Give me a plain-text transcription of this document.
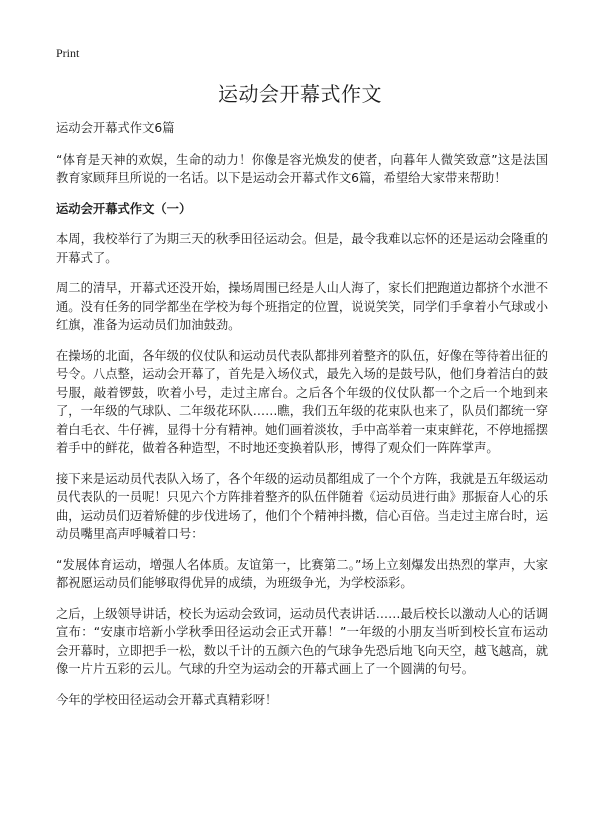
Print
运动会开幕式作文

运动会开幕式作文6篇

“体育是天神的欢娱，生命的动力！你像是容光焕发的使者，向暮年人微笑致意”这是法国教育家顾拜旦所说的一名话。以下是运动会开幕式作文6篇，希望给大家带来帮助！

运动会开幕式作文（一）

本周，我校举行了为期三天的秋季田径运动会。但是，最令我难以忘怀的还是运动会隆重的开幕式了。

周二的清早，开幕式还没开始，操场周围已经是人山人海了，家长们把跑道边都挤个水泄不通。没有任务的同学都坐在学校为每个班指定的位置，说说笑笑，同学们手拿着小气球或小红旗，准备为运动员们加油鼓劲。

在操场的北面，各年级的仪仗队和运动员代表队都排列着整齐的队伍，好像在等待着出征的号令。八点整，运动会开幕了，首先是入场仪式，最先入场的是鼓号队，他们身着洁白的鼓号服，敲着锣鼓，吹着小号，走过主席台。之后各个年级的仪仗队都一个之后一个地到来了，一年级的气球队、二年级花环队……瞧，我们五年级的花束队也来了，队员们都统一穿着白毛衣、牛仔裤，显得十分有精神。她们画着淡妆，手中高举着一束束鲜花，不停地摇摆着手中的鲜花，做着各种造型，不时地还变换着队形，博得了观众们一阵阵掌声。

接下来是运动员代表队入场了，各个年级的运动员都组成了一个个方阵，我就是五年级运动员代表队的一员呢！只见六个方阵排着整齐的队伍伴随着《运动员进行曲》那振奋人心的乐曲，运动员们迈着矫健的步伐进场了，他们个个精神抖擞，信心百倍。当走过主席台时，运动员嘴里高声呼喊着口号：

“发展体育运动，增强人名体质。友谊第一，比赛第二。”场上立刻爆发出热烈的掌声，大家都祝愿运动员们能够取得优异的成绩，为班级争光，为学校添彩。

之后，上级领导讲话，校长为运动会致词，运动员代表讲话……最后校长以激动人心的话调宣布：“安康市培新小学秋季田径运动会正式开幕！”一年级的小朋友当听到校长宣布运动会开幕时，立即把手一松，数以千计的五颜六色的气球争先恐后地飞向天空，越飞越高，就像一片片五彩的云儿。气球的升空为运动会的开幕式画上了一个圆满的句号。

今年的学校田径运动会开幕式真精彩呀！
